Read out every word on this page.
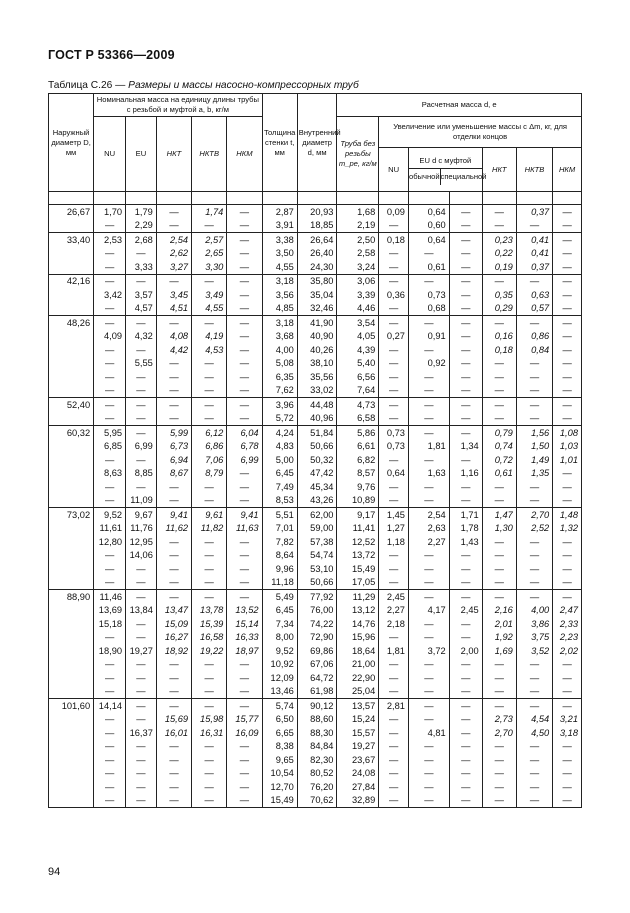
ГОСТ Р 53366—2009
Таблица С.26 — Размеры и массы насосно-компрессорных труб
Наружный диаметр D, мм	Номинальная масса на единицу длины трубы с резьбой и муфтой a, b, кг/м					Толщина стенки t, мм	Внутренний диаметр d, мм	Расчетная масса d, e						
	NU	EU	НКТ	НКТВ	НКМ			Труба без резьбы m_pe, кг/м	Увеличение или уменьшение массы c Δm, кг, для отделки концов					
									NU	EU d с муфтой
обычной специальной		НКТ	НКТВ	НКМ

26,67	1,70	1,79	—	1,74	—	2,87	20,93	1,68	0,09	0,64	—	—	0,37	—
	—	2,29	—	—	—	3,91	18,85	2,19	—	0,60	—	—	—	—
33,40	2,53	2,68	2,54	2,57	—	3,38	26,64	2,50	0,18	0,64	—	0,23	0,41	—
	—	—	2,62	2,65	—	3,50	26,40	2,58	—	—	—	0,22	0,41	—
	—	3,33	3,27	3,30	—	4,55	24,30	3,24	—	0,61	—	0,19	0,37	—
42,16	—	—	—	—	—	3,18	35,80	3,06	—	—	—	—	—	—
	3,42	3,57	3,45	3,49	—	3,56	35,04	3,39	0,36	0,73	—	0,35	0,63	—
	—	4,57	4,51	4,55	—	4,85	32,46	4,46	—	0,68	—	0,29	0,57	—
48,26	—	—	—	—	—	3,18	41,90	3,54	—	—	—	—	—	—
	4,09	4,32	4,08	4,19	—	3,68	40,90	4,05	0,27	0,91	—	0,16	0,86	—
	—	—	4,42	4,53	—	4,00	40,26	4,39	—	—	—	0,18	0,84	—
	—	5,55	—	—	—	5,08	38,10	5,40	—	0,92	—	—	—	—
	—	—	—	—	—	6,35	35,56	6,56	—	—	—	—	—	—
	—	—	—	—	—	7,62	33,02	7,64	—	—	—	—	—	—
52,40	—	—	—	—	—	3,96	44,48	4,73	—	—	—	—	—	—
	—	—	—	—	—	5,72	40,96	6,58	—	—	—	—	—	—
60,32	5,95	—	5,99	6,12	6,04	4,24	51,84	5,86	0,73	—	—	0,79	1,56	1,08
	6,85	6,99	6,73	6,86	6,78	4,83	50,66	6,61	0,73	1,81	1,34	0,74	1,50	1,03
	—	—	6,94	7,06	6,99	5,00	50,32	6,82	—	—	—	0,72	1,49	1,01
	8,63	8,85	8,67	8,79	—	6,45	47,42	8,57	0,64	1,63	1,16	0,61	1,35	—
	—	—	—	—	—	7,49	45,34	9,76	—	—	—	—	—	—
	—	11,09	—	—	—	8,53	43,26	10,89	—	—	—	—	—	—
73,02	9,52	9,67	9,41	9,61	9,41	5,51	62,00	9,17	1,45	2,54	1,71	1,47	2,70	1,48
	11,61	11,76	11,62	11,82	11,63	7,01	59,00	11,41	1,27	2,63	1,78	1,30	2,52	1,32
	12,80	12,95	—	—	—	7,82	57,38	12,52	1,18	2,27	1,43	—	—	—
	—	14,06	—	—	—	8,64	54,74	13,72	—	—	—	—	—	—
	—	—	—	—	—	9,96	53,10	15,49	—	—	—	—	—	—
	—	—	—	—	—	11,18	50,66	17,05	—	—	—	—	—	—
88,90	11,46	—	—	—	—	5,49	77,92	11,29	2,45	—	—	—	—	—
	13,69	13,84	13,47	13,78	13,52	6,45	76,00	13,12	2,27	4,17	2,45	2,16	4,00	2,47
	15,18	—	15,09	15,39	15,14	7,34	74,22	14,76	2,18	—	—	2,01	3,86	2,33
	—	—	16,27	16,58	16,33	8,00	72,90	15,96	—	—	—	1,92	3,75	2,23
	18,90	19,27	18,92	19,22	18,97	9,52	69,86	18,64	1,81	3,72	2,00	1,69	3,52	2,02
	—	—	—	—	—	10,92	67,06	21,00	—	—	—	—	—	—
	—	—	—	—	—	12,09	64,72	22,90	—	—	—	—	—	—
	—	—	—	—	—	13,46	61,98	25,04	—	—	—	—	—	—
101,60	14,14	—	—	—	—	5,74	90,12	13,57	2,81	—	—	—	—	—
	—	—	15,69	15,98	15,77	6,50	88,60	15,24	—	—	—	2,73	4,54	3,21
	—	16,37	16,01	16,31	16,09	6,65	88,30	15,57	—	4,81	—	2,70	4,50	3,18
	—	—	—	—	—	8,38	84,84	19,27	—	—	—	—	—	—
	—	—	—	—	—	9,65	82,30	23,67	—	—	—	—	—	—
	—	—	—	—	—	10,54	80,52	24,08	—	—	—	—	—	—
	—	—	—	—	—	12,70	76,20	27,84	—	—	—	—	—	—
	—	—	—	—	—	15,49	70,62	32,89	—	—	—	—	—	—
94
